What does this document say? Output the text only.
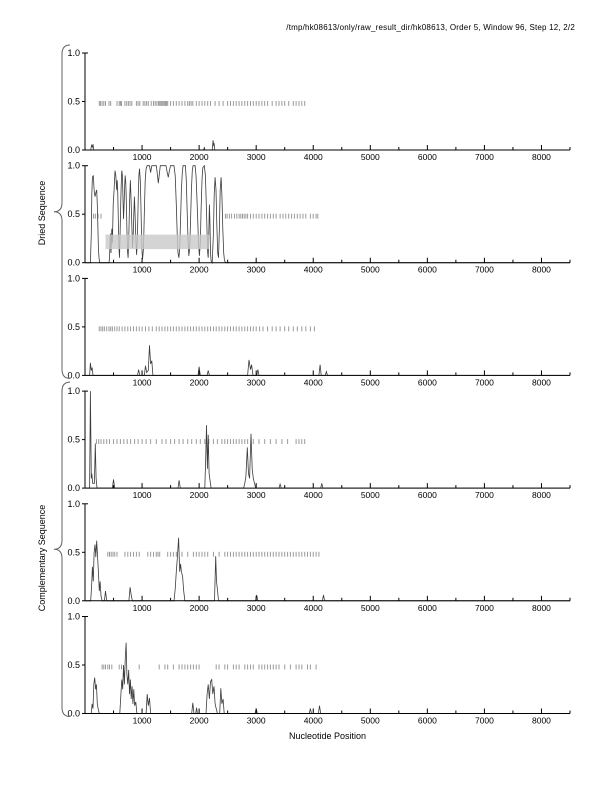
0.0
0.5
1.0
1000	2000	3000	4000	5000	6000	7000	8000
0.0
0.5
1.0
1000	2000	3000	4000	5000	6000	7000	8000
0.0
0.5
1.0
1000	2000	3000	4000	5000	6000	7000	8000
0.0
0.5
1.0
1000	2000	3000	4000	5000	6000	7000	8000
0.0
0.5
1.0
1000	2000	3000	4000	5000	6000	7000	8000
0.0
0.5
1.0
1000	2000	3000	4000	5000	6000	7000	8000
/tmp/hk08613/only/raw_result_dir/hk08613, Order 5, Window 96, Step 12, 2/2
Dried Sequence
Complementary Sequence
Nucleotide Position
